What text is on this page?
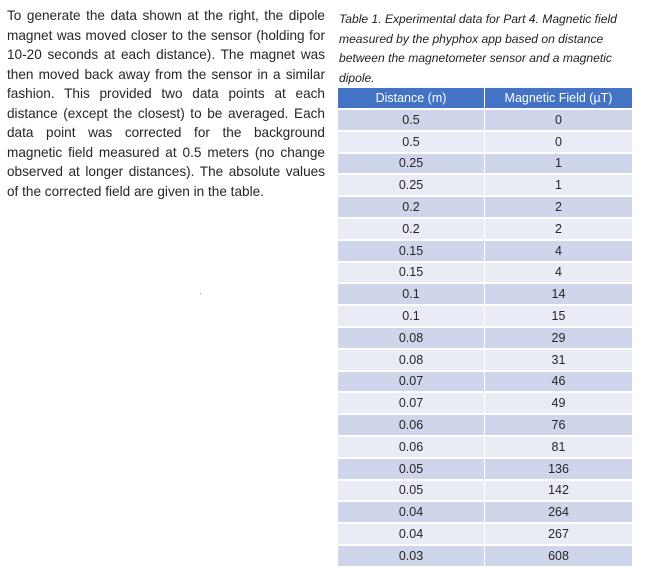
To generate the data shown at the right, the dipole magnet was moved closer to the sensor (holding for 10-20 seconds at each distance). The magnet was then moved back away from the sensor in a similar fashion. This provided two data points at each distance (except the closest) to be averaged. Each data point was corrected for the background magnetic field measured at 0.5 meters (no change observed at longer distances). The absolute values of the corrected field are given in the table.

Table 1. Experimental data for Part 4. Magnetic field measured by the phyphox app based on distance between the magnetometer sensor and a magnetic dipole.

Distance (m)	Magnetic Field (µT)
0.5	0
0.5	0
0.25	1
0.25	1
0.2	2
0.2	2
0.15	4
0.15	4
0.1	14
0.1	15
0.08	29
0.08	31
0.07	46
0.07	49
0.06	76
0.06	81
0.05	136
0.05	142
0.04	264
0.04	267
0.03	608
